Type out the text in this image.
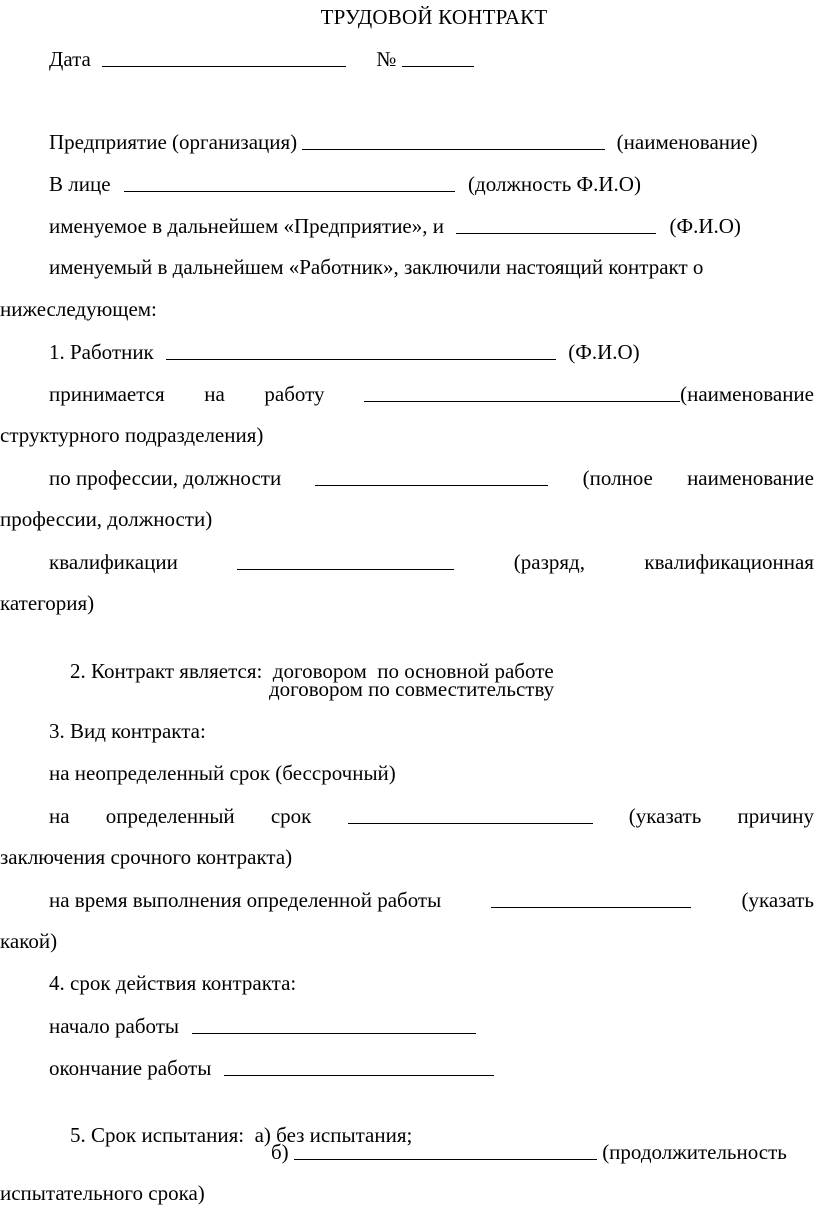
ТРУДОВОЙ КОНТРАКТ
Дата	№
Предприятие (организация)	(наименование)
В лице	(должность Ф.И.О)
именуемое в дальнейшем «Предприятие», и	(Ф.И.О)
именуемый в дальнейшем «Работник», заключили настоящий контракт о
нижеследующем:
1. Работник	(Ф.И.О)
принимается на работу	(наименование
структурного подразделения)
по профессии, должности	(полное наименование
профессии, должности)
квалификации	(разряд,	квалификационная
категория)

2. Контракт является:  договором  по основной работе

договором по совместительству
3. Вид контракта:
на неопределенный срок (бессрочный)
на определенный срок	(указать причину
заключения срочного контракта)
на время выполнения определенной работы	(указать
какой)
4. срок действия контракта:
начало работы
окончание работы

5. Срок испытания:  а) без испытания;

б)	(продолжительность
испытательного срока)
